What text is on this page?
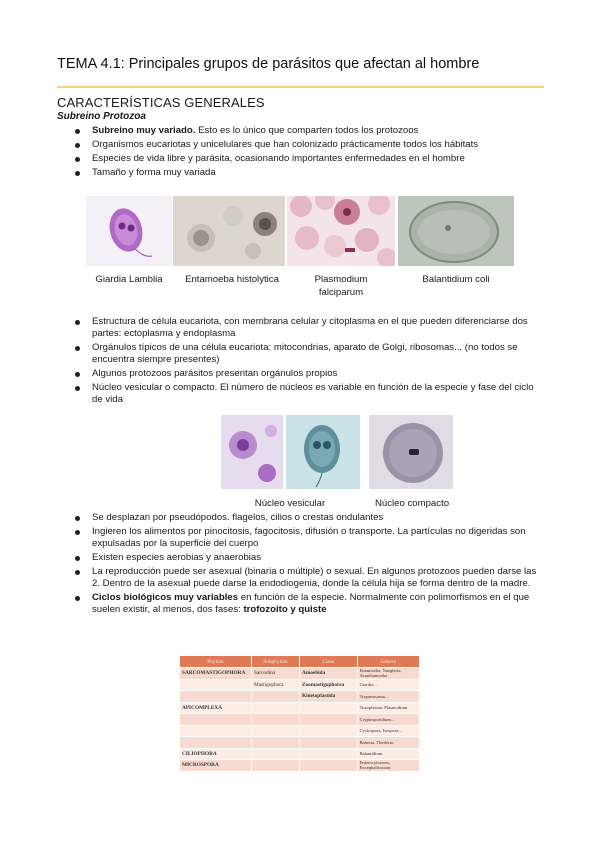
TEMA 4.1: Principales grupos de parásitos que afectan al hombre
CARACTERÍSTICAS GENERALES
Subreino Protozoa
Subreino muy variado. Esto es lo único que comparten todos los protozoos
Organismos eucariotas y unicelulares que han colonizado prácticamente todos los hábitats
Especies de vida libre y parásita, ocasionando importantes enfermedades en el hombre
Tamaño y forma muy variada
Giardia Lamblia	Entamoeba histolytica	Plasmodium falciparum
Balantidium coli
Estructura de célula eucariota, con membrana celular y citoplasma en el que pueden diferenciarse dos partes: ectoplasma y endoplasma
Orgánulos típicos de una célula eucariota: mitocondrias, aparato de Golgi, ribosomas... (no todos se encuentra siempre presentes)
Algunos protozoos parásitos presentan orgánulos propios
Núcleo vesicular o compacto. El número de núcleos es variable en función de la especie y fase del ciclo de vida
Núcleo vesicular	Núcleo compacto
Se desplazan por pseudópodos. flagelos, cilios o crestas ondulantes
Ingieren los alimentos por pinocitosis, fagocitosis, difusión o transporte. La partículas no digeridas son expulsadas por la superficie del cuerpo
Existen especies aerobias y anaerobias
La reproducción puede ser asexual (binaria o múltiple) o sexual. En algunos protozoos pueden darse las 2. Dentro de la asexual puede darse la endodiogenia, donde la célula hija se forma dentro de la madre.
Ciclos biológicos muy variables en función de la especie. Normalmente con polimorfismos en el que suelen existir, al menos, dos fases: trofozoito y quiste
Phylum	Subphylum	Clase	Género
SARCOMASTIGOPHORA	Sarcodina	Amoebida	Entamoeba, Naegleria, Acanthamoeba
	Mastigophora	Zoomastigophorea	Giardia...
		Kinetoplastida	Trypanosoma...
APICOMPLEXA			Toxoplasma, Plasmodium
			Cryptosporidium...
			Cyclospora, Isospora...
			Babesia, Theileria
CILIOPHORA			Balantidium
MICROSPORA			Enterocytozoon, Encephalitozoon
